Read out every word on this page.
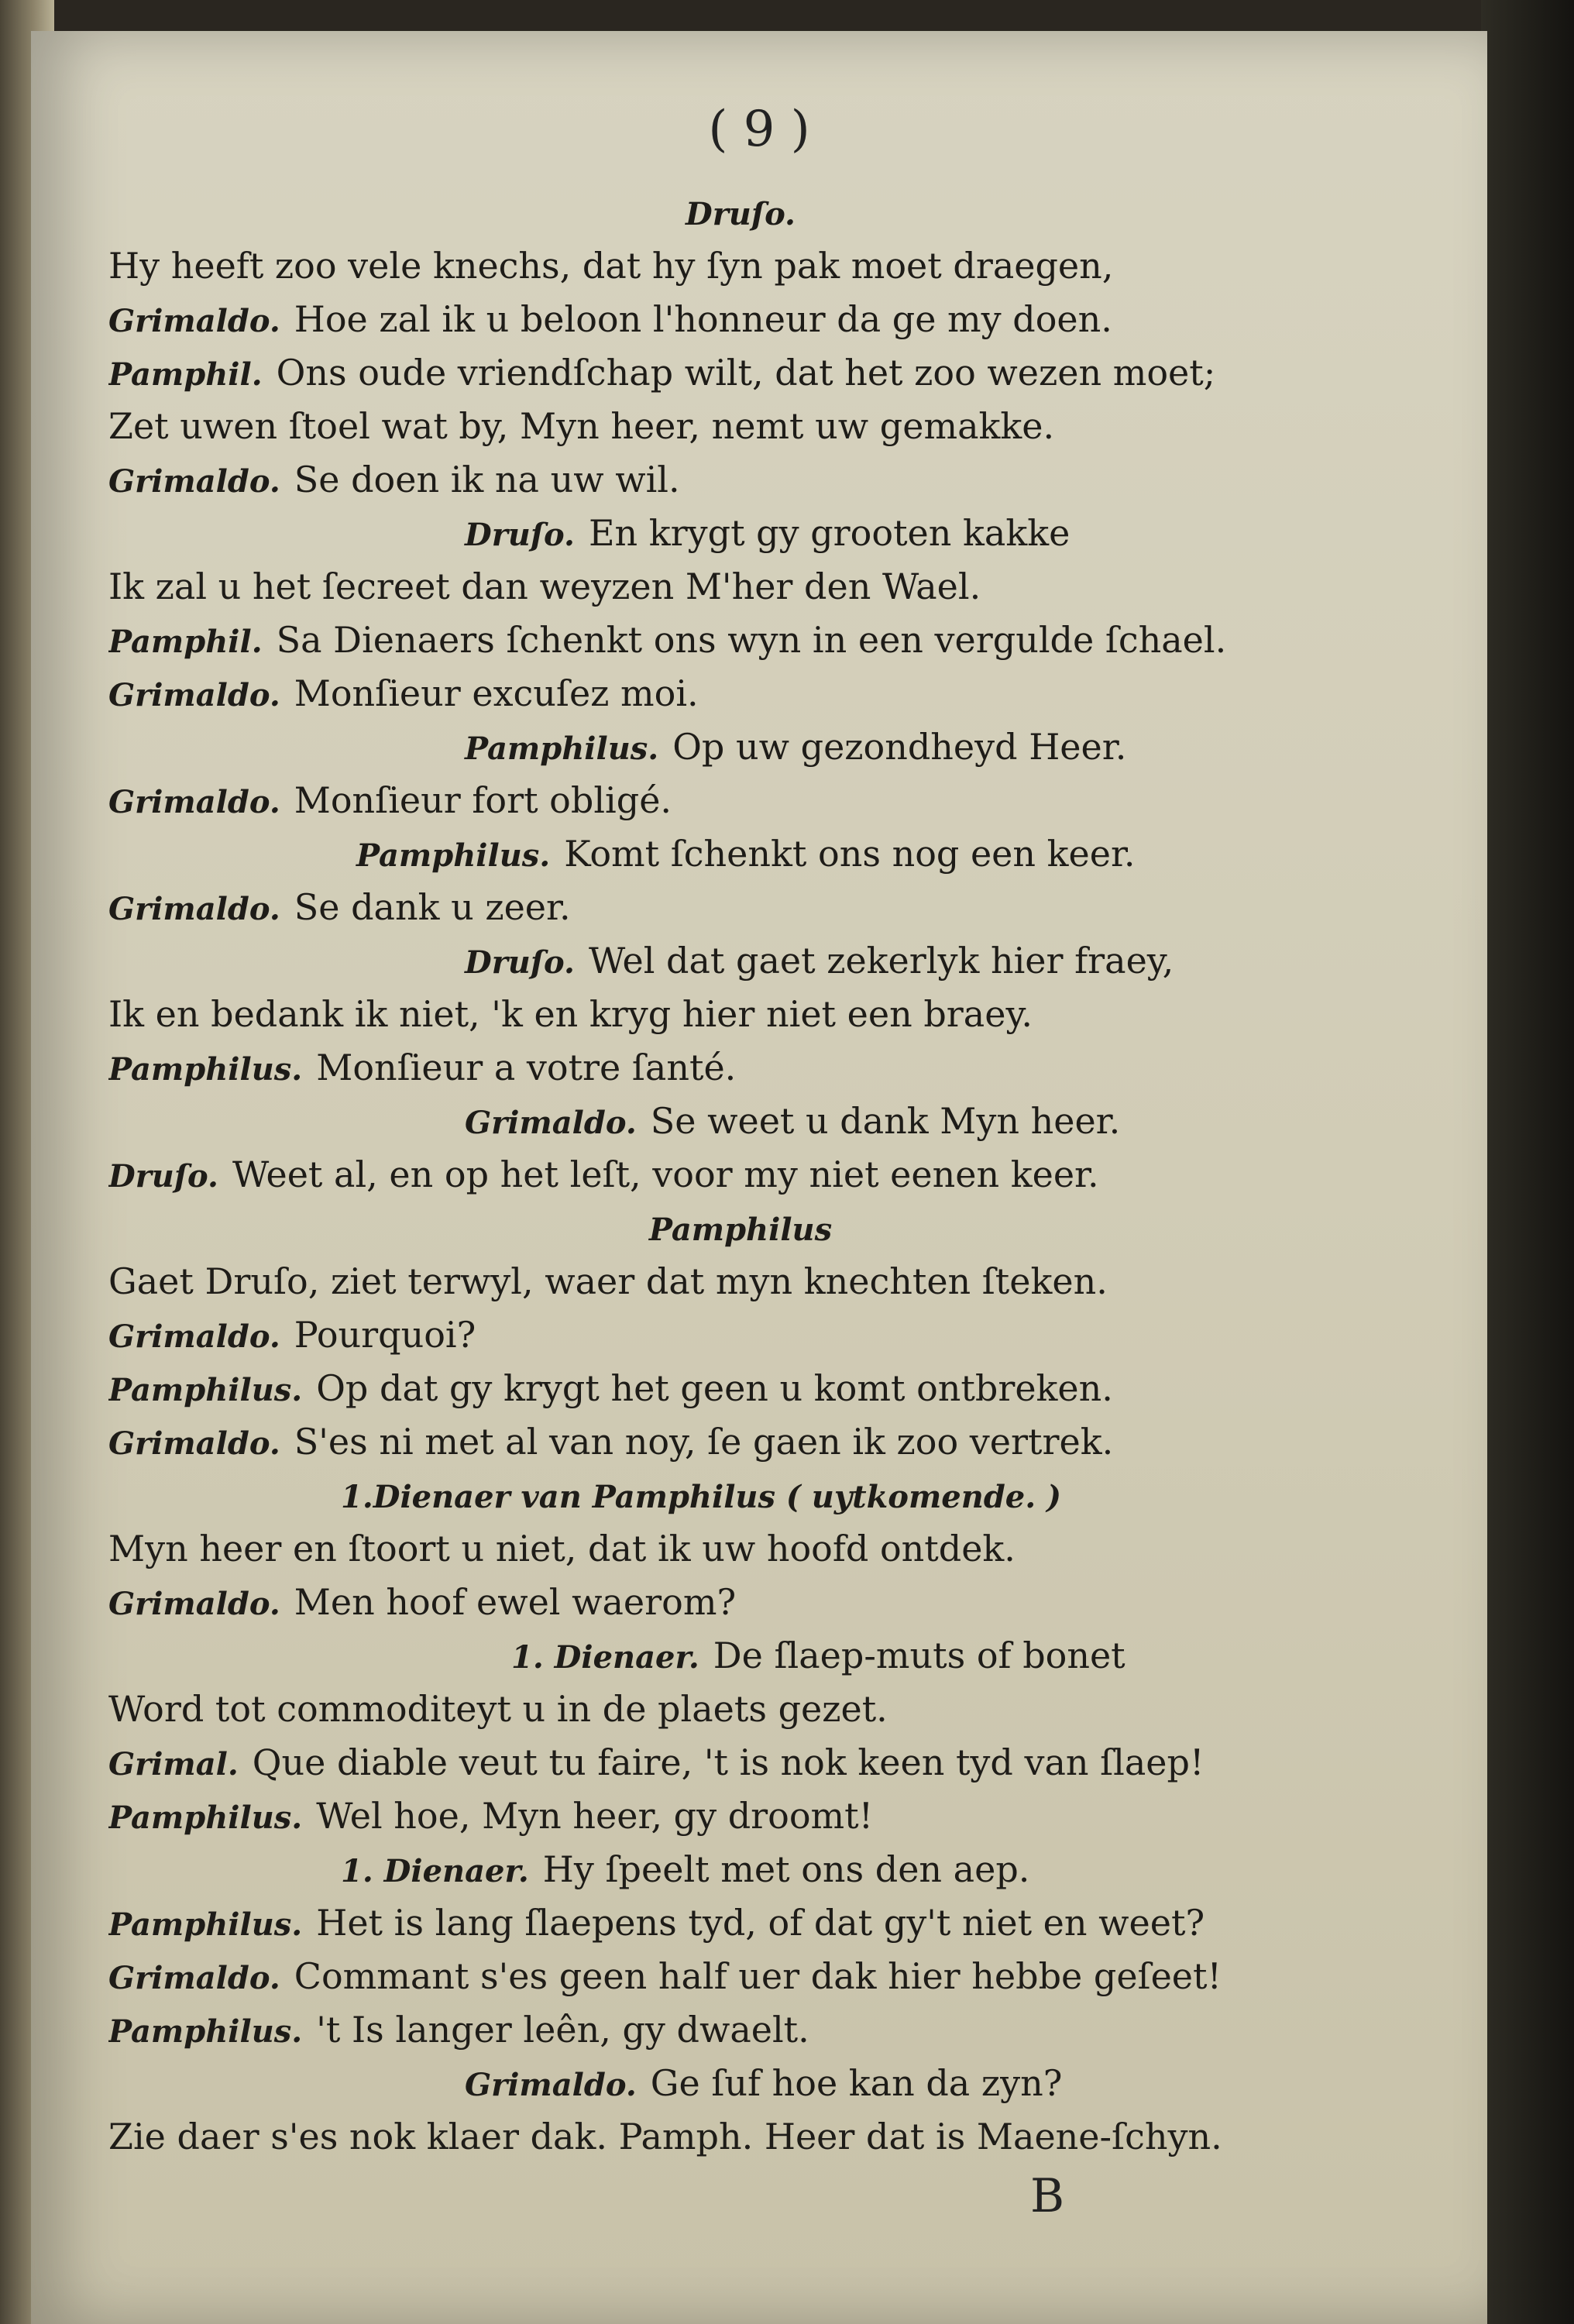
( 9 )
Druſo.
Hy heeft zoo vele knechs, dat hy ſyn pak moet draegen,
Grimaldo. Hoe zal ik u beloon l'honneur da ge my doen.
Pamphil. Ons oude vriendſchap wilt, dat het zoo wezen moet;
Zet uwen ſtoel wat by, Myn heer, nemt uw gemakke.
Grimaldo. Se doen ik na uw wil.
Druſo. En krygt gy grooten kakke
Ik zal u het ſecreet dan weyzen M'her den Wael.
Pamphil. Sa Dienaers ſchenkt ons wyn in een vergulde ſchael.
Grimaldo. Monſieur excuſez moi.
Pamphilus. Op uw gezondheyd Heer.
Grimaldo. Monſieur fort obligé.
Pamphilus. Komt ſchenkt ons nog een keer.
Grimaldo. Se dank u zeer.
Druſo. Wel dat gaet zekerlyk hier fraey,
Ik en bedank ik niet, 'k en kryg hier niet een braey.
Pamphilus. Monſieur a votre ſanté.
Grimaldo. Se weet u dank Myn heer.
Druſo. Weet al, en op het leſt, voor my niet eenen keer.
Pamphilus
Gaet Druſo, ziet terwyl, waer dat myn knechten ſteken.
Grimaldo. Pourquoi?
Pamphilus. Op dat gy krygt het geen u komt ontbreken.
Grimaldo. S'es ni met al van noy, ſe gaen ik zoo vertrek.
1.Dienaer van Pamphilus ( uytkomende. )
Myn heer en ſtoort u niet, dat ik uw hoofd ontdek.
Grimaldo. Men hoof ewel waerom?
1. Dienaer. De ſlaep-muts of bonet
Word tot commoditeyt u in de plaets gezet.
Grimal. Que diable veut tu faire, 't is nok keen tyd van ſlaep!
Pamphilus. Wel hoe, Myn heer, gy droomt!
1. Dienaer. Hy ſpeelt met ons den aep.
Pamphilus. Het is lang ſlaepens tyd, of dat gy't niet en weet?
Grimaldo. Commant s'es geen half uer dak hier hebbe geſeet!
Pamphilus. 't Is langer leên, gy dwaelt.
Grimaldo. Ge ſuf hoe kan da zyn?
Zie daer s'es nok klaer dak. Pamph. Heer dat is Maene-ſchyn.
B
